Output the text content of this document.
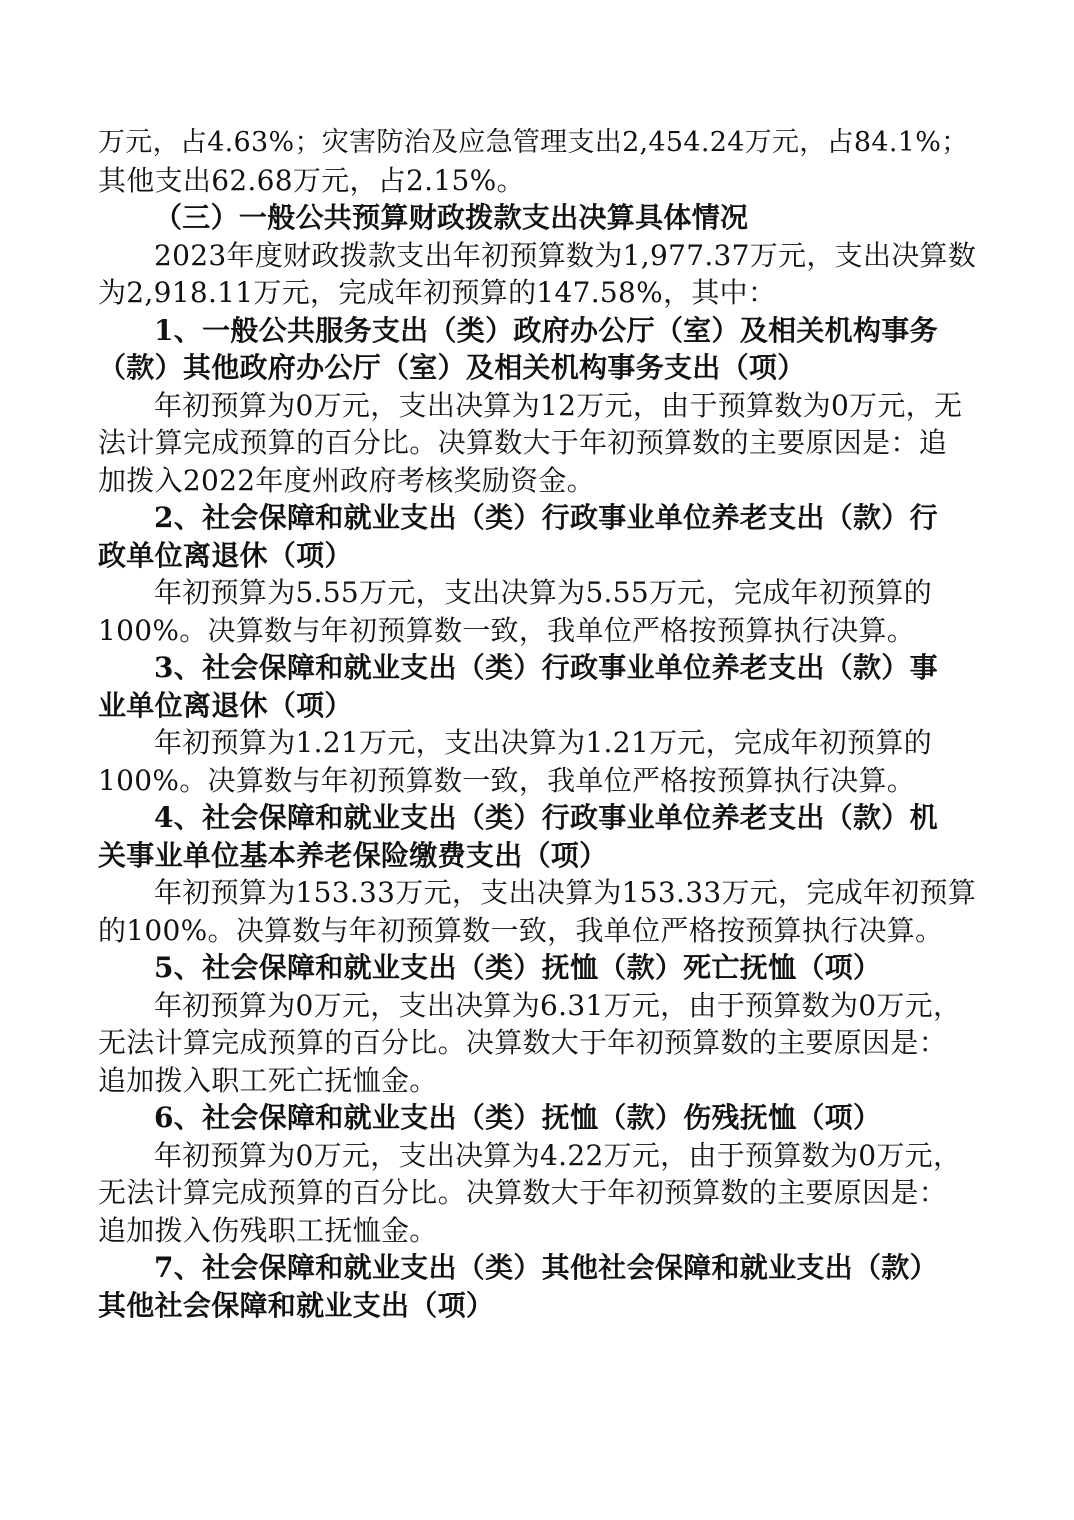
万元，占4.63%；灾害防治及应急管理支出2,454.24万元，占84.1%；
其他支出62.68万元，占2.15%。
（三）一般公共预算财政拨款支出决算具体情况
2023年度财政拨款支出年初预算数为1,977.37万元，支出决算数
为2,918.11万元，完成年初预算的147.58%，其中：
1、一般公共服务支出（类）政府办公厅（室）及相关机构事务
（款）其他政府办公厅（室）及相关机构事务支出（项）
年初预算为0万元，支出决算为12万元，由于预算数为0万元，无
法计算完成预算的百分比。决算数大于年初预算数的主要原因是：追
加拨入2022年度州政府考核奖励资金。
2、社会保障和就业支出（类）行政事业单位养老支出（款）行
政单位离退休（项）
年初预算为5.55万元，支出决算为5.55万元，完成年初预算的
100%。决算数与年初预算数一致，我单位严格按预算执行决算。
3、社会保障和就业支出（类）行政事业单位养老支出（款）事
业单位离退休（项）
年初预算为1.21万元，支出决算为1.21万元，完成年初预算的
100%。决算数与年初预算数一致，我单位严格按预算执行决算。
4、社会保障和就业支出（类）行政事业单位养老支出（款）机
关事业单位基本养老保险缴费支出（项）
年初预算为153.33万元，支出决算为153.33万元，完成年初预算
的100%。决算数与年初预算数一致，我单位严格按预算执行决算。
5、社会保障和就业支出（类）抚恤（款）死亡抚恤（项）
年初预算为0万元，支出决算为6.31万元，由于预算数为0万元，
无法计算完成预算的百分比。决算数大于年初预算数的主要原因是：
追加拨入职工死亡抚恤金。
6、社会保障和就业支出（类）抚恤（款）伤残抚恤（项）
年初预算为0万元，支出决算为4.22万元，由于预算数为0万元，
无法计算完成预算的百分比。决算数大于年初预算数的主要原因是：
追加拨入伤残职工抚恤金。
7、社会保障和就业支出（类）其他社会保障和就业支出（款）
其他社会保障和就业支出（项）
